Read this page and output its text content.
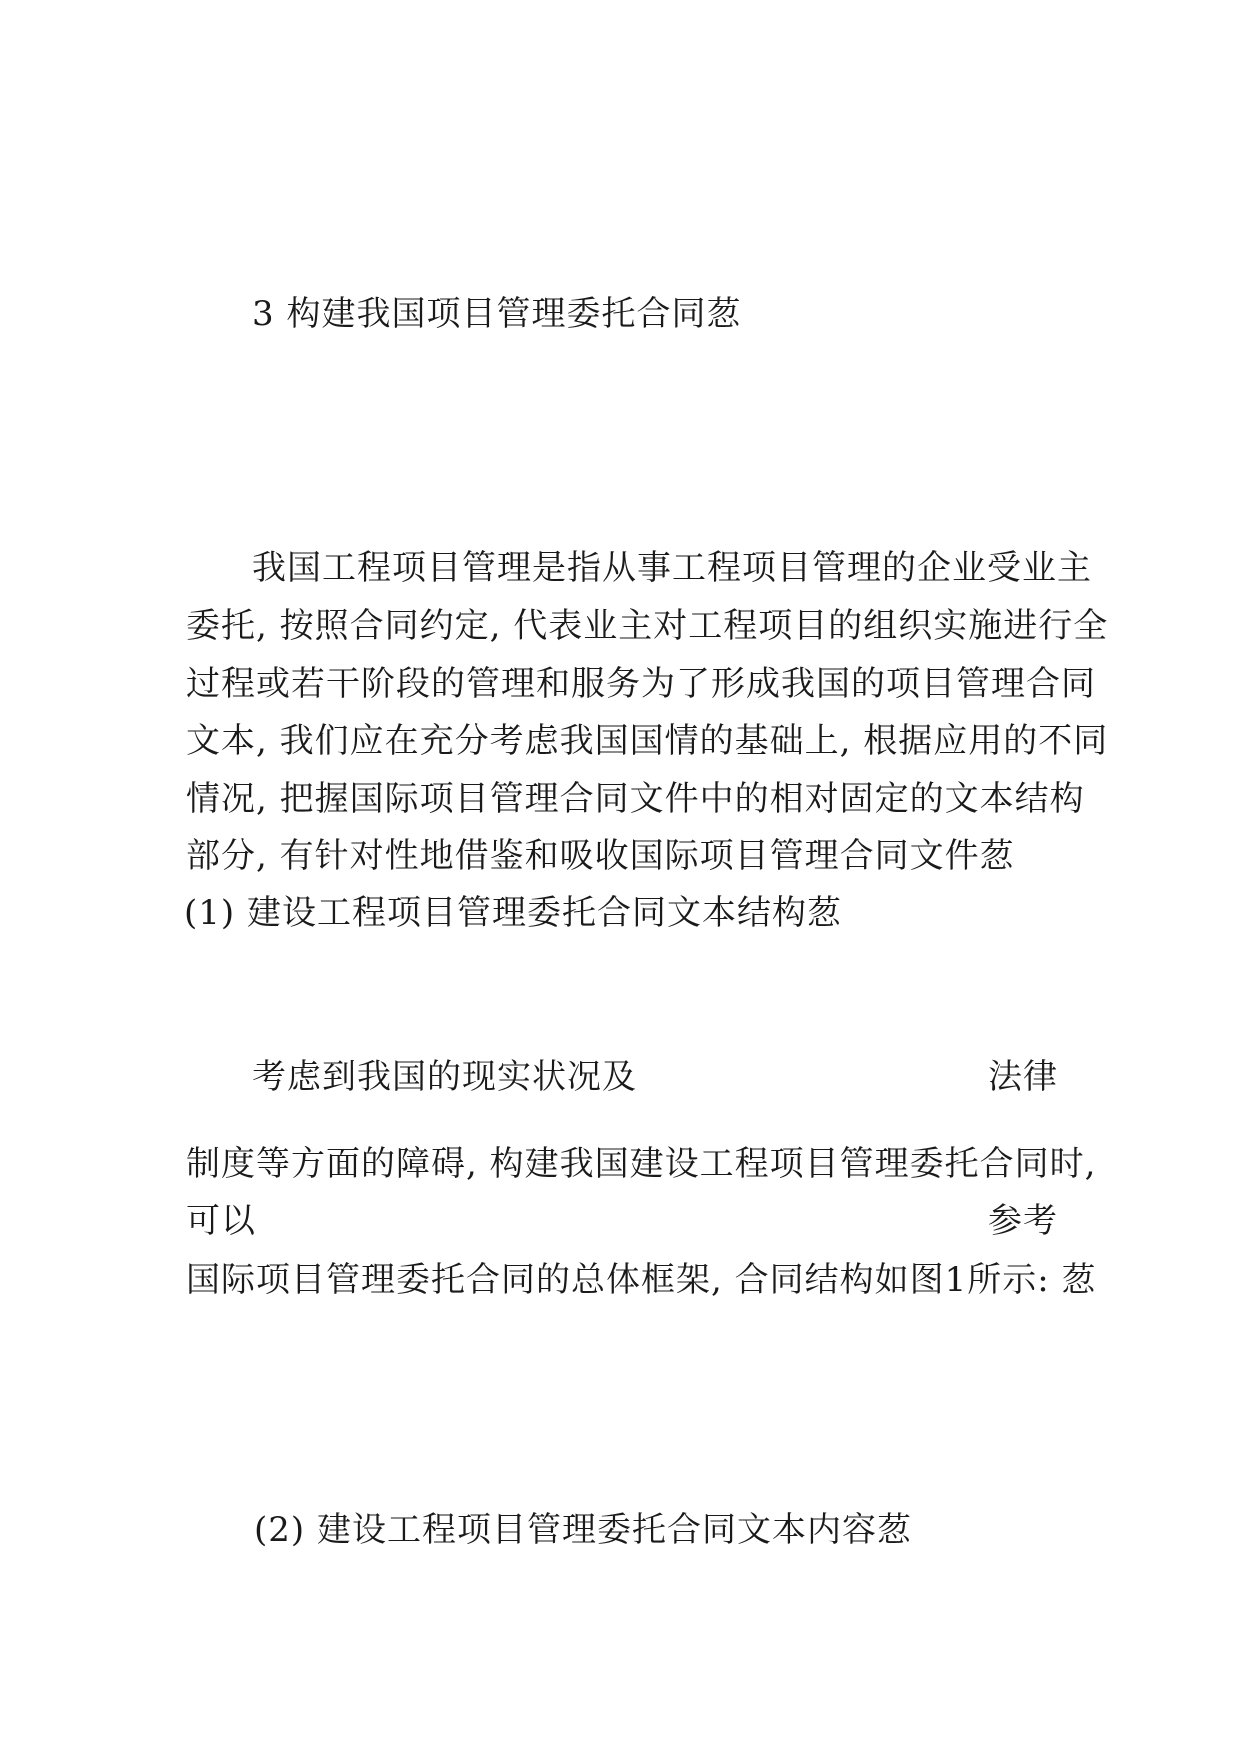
3 构建我国项目管理委托合同䓤
我国工程项目管理是指从事工程项目管理的企业受业主
委托, 按照合同约定, 代表业主对工程项目的组织实施进行全
过程或若干阶段的管理和服务为了形成我国的项目管理合同
文本, 我们应在充分考虑我国国情的基础上, 根据应用的不同
情况, 把握国际项目管理合同文件中的相对固定的文本结构
部分, 有针对性地借鉴和吸收国际项目管理合同文件䓤
(1) 建设工程项目管理委托合同文本结构䓤
考虑到我国的现实状况及	法律
制度等方面的障碍, 构建我国建设工程项目管理委托合同时,
可以	参考
国际项目管理委托合同的总体框架, 合同结构如图1所示: 䓤
(2) 建设工程项目管理委托合同文本内容䓤
